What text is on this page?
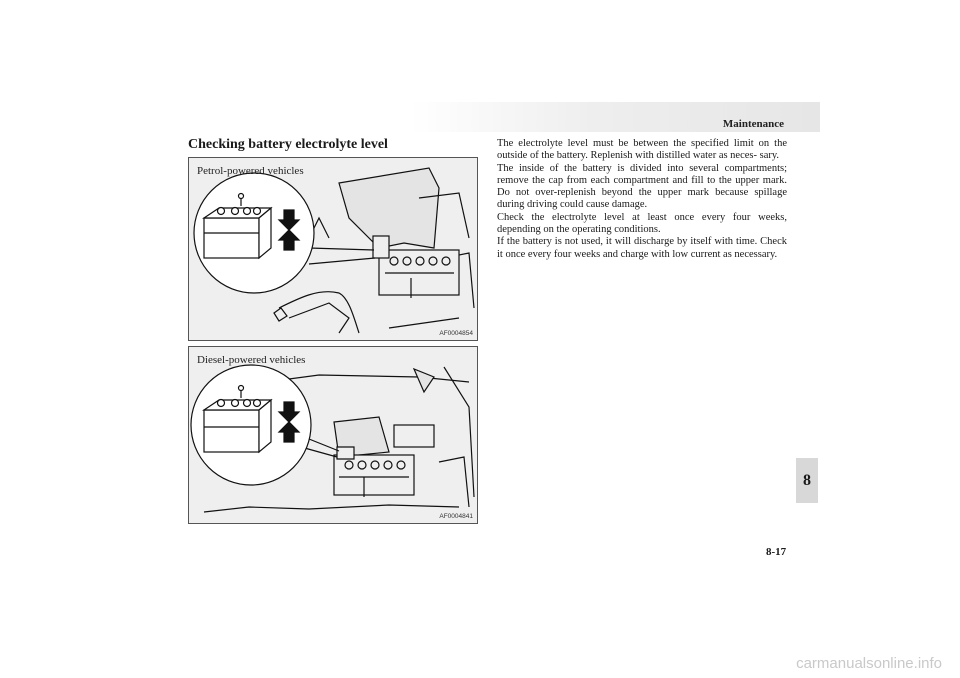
Maintenance
Checking battery electrolyte level
Petrol-powered vehicles
AF0004854
Diesel-powered vehicles
AF0004841

The electrolyte level must be between the specified limit on the outside of the battery. Replenish with distilled water as neces- sary.

The inside of the battery is divided into several compartments; remove the cap from each compartment and fill to the upper mark. Do not over-replenish beyond the upper mark because spillage during driving could cause damage.

Check the electrolyte level at least once every four weeks, depending on the operating conditions.

If the battery is not used, it will discharge by itself with time. Check it once every four weeks and charge with low current as necessary.

8
8-17
carmanualsonline.info
